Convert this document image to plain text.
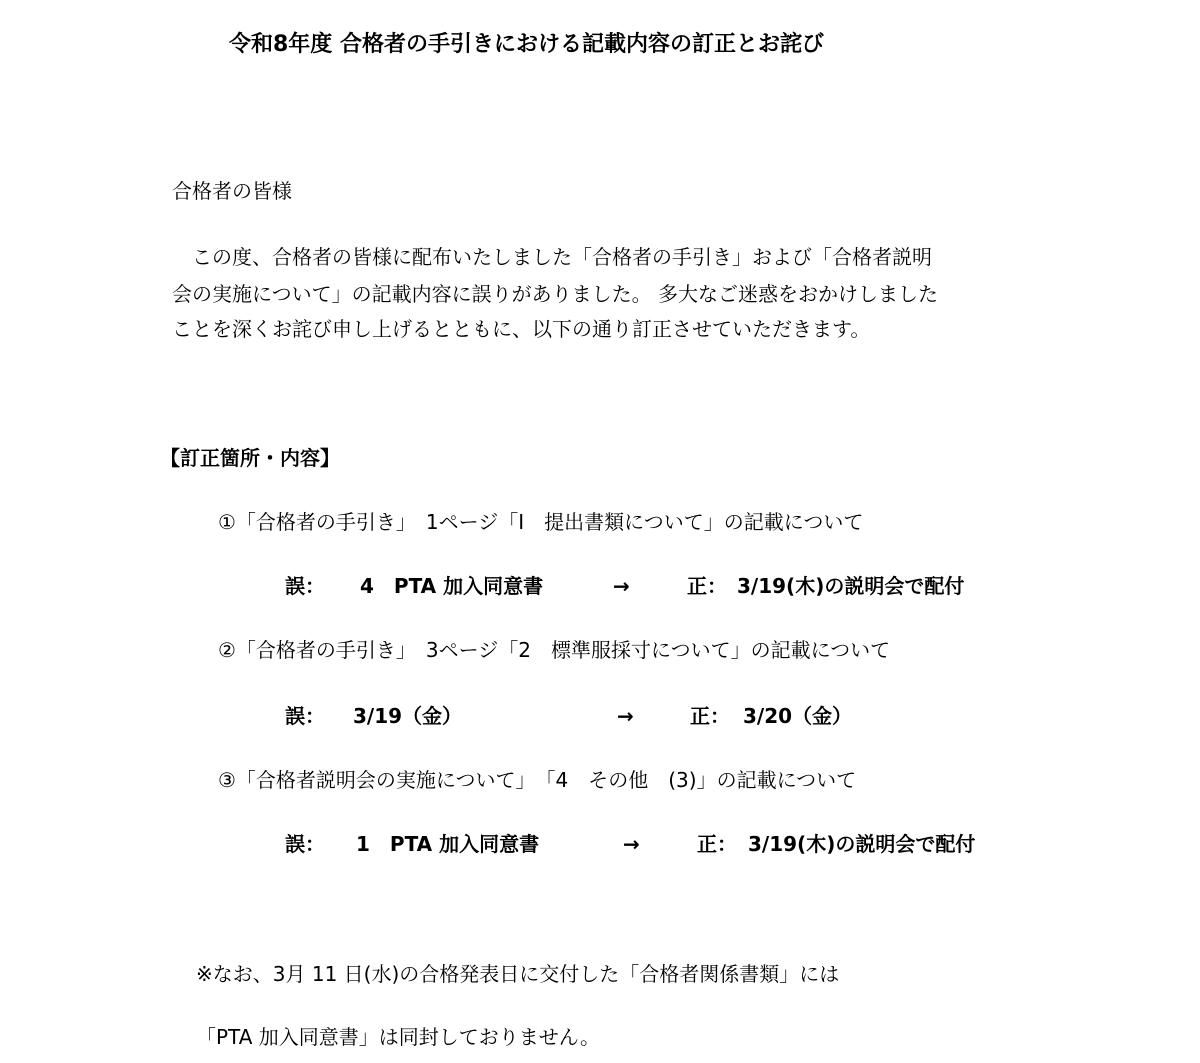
令和8年度 合格者の手引きにおける記載内容の訂正とお詫び
合格者の皆様
　この度、合格者の皆様に配布いたしました「合格者の手引き」および「合格者説明
会の実施について」の記載内容に誤りがありました。 多大なご迷惑をおかけしました
ことを深くお詫び申し上げるとともに、以下の通り訂正させていただきます。
【訂正箇所・内容】
①「合格者の手引き」　1ページ「Ⅰ　提出書類について」の記載について
誤： 4　PTA 加入同意書	→	正： 3/19(木)の説明会で配付
②「合格者の手引き」　3ページ「2　標準服採寸について」の記載について
誤： 3/19（金）	→	正： 3/20（金）
③「合格者説明会の実施について」　「4　その他　(3)」の記載について
誤： 1　PTA 加入同意書	→	正： 3/19(木)の説明会で配付
※なお、3月 11 日(水)の合格発表日に交付した「合格者関係書類」には
「PTA 加入同意書」は同封しておりません。
